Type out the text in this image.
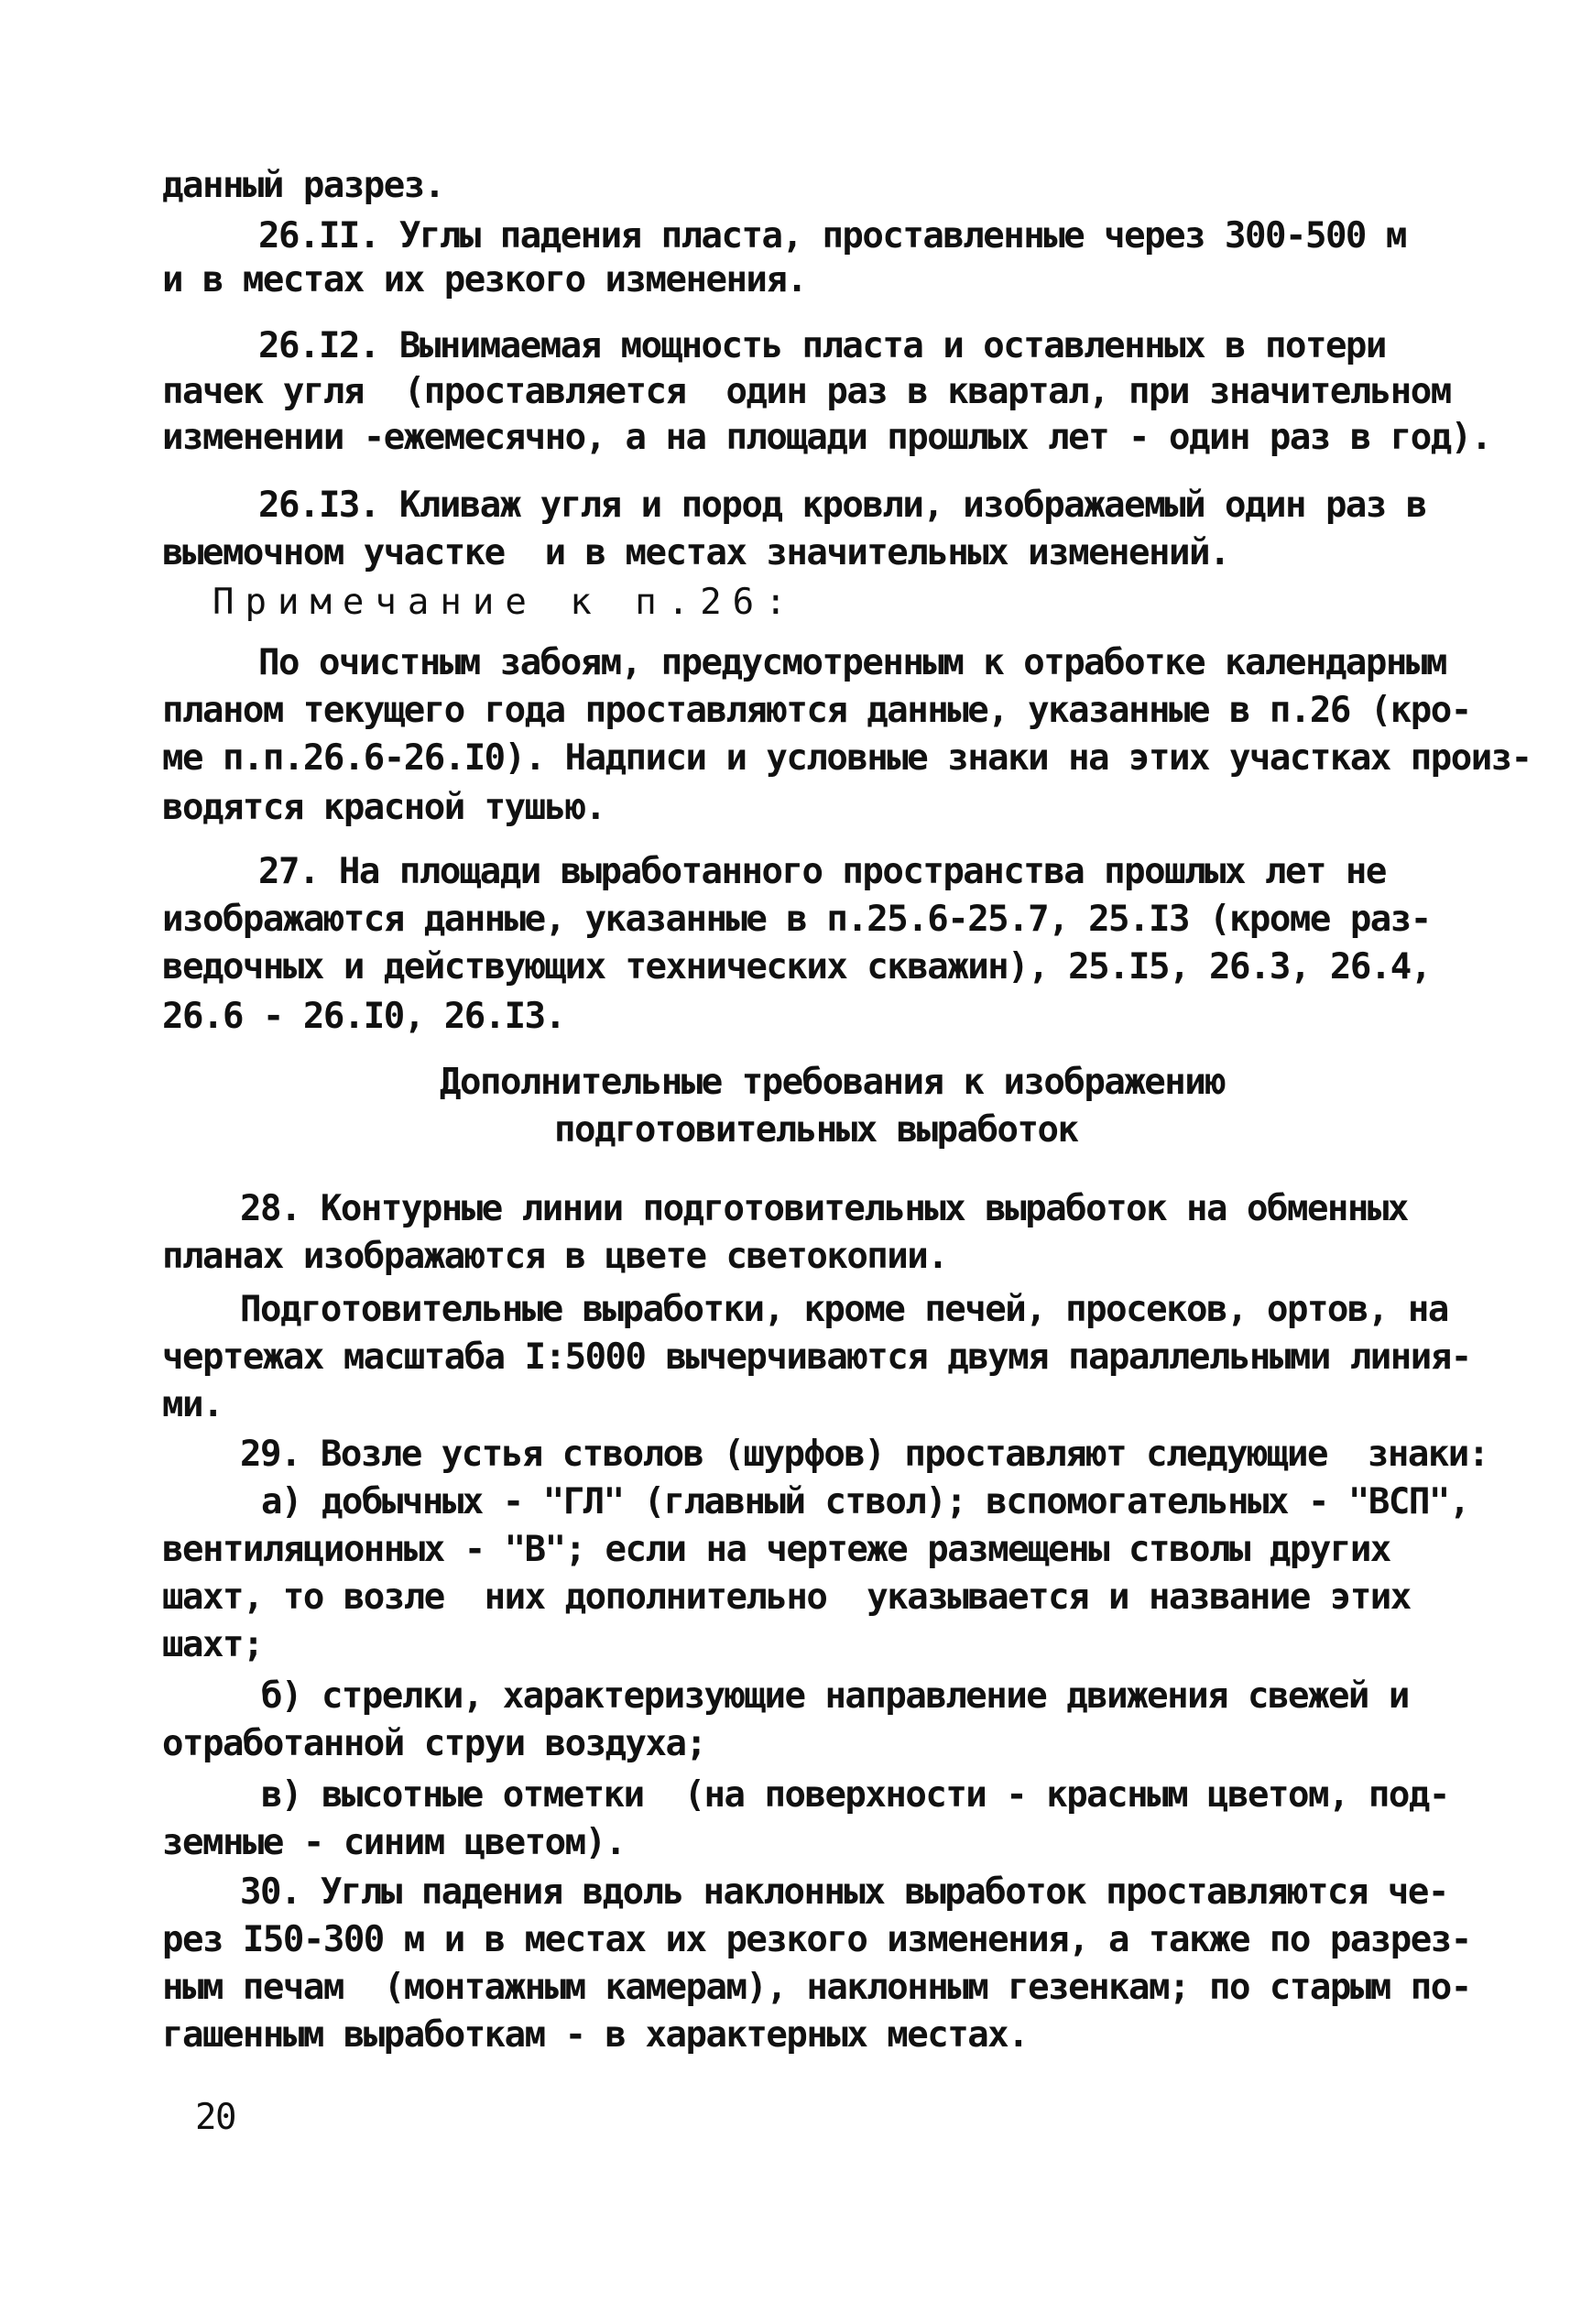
данный разрез.
26.II. Углы падения пласта, проставленные через 300-500 м
и в местах их резкого изменения.
26.I2. Вынимаемая мощность пласта и оставленных в потери
пачек угля  (проставляется  один раз в квартал, при значительном
изменении -ежемесячно, а на площади прошлых лет - один раз в год).
26.I3. Кливаж угля и пород кровли, изображаемый один раз в
выемочном участке  и в местах значительных изменений.
Примечание к п.26:
По очистным забоям, предусмотренным к отработке календарным
планом текущего года проставляются данные, указанные в п.26 (кро-
ме п.п.26.6-26.I0). Надписи и условные знаки на этих участках произ-
водятся красной тушью.
27. На площади выработанного пространства прошлых лет не
изображаются данные, указанные в п.25.6-25.7, 25.I3 (кроме раз-
ведочных и действующих технических скважин), 25.I5, 26.3, 26.4,
26.6 - 26.I0, 26.I3.
Дополнительные требования к изображению
подготовительных выработок
28. Контурные линии подготовительных выработок на обменных
планах изображаются в цвете светокопии.
Подготовительные выработки, кроме печей, просеков, ортов, на
чертежах масштаба I:5000 вычерчиваются двумя параллельными линия-
ми.
29. Возле устья стволов (шурфов) проставляют следующие  знаки:
а) добычных - "ГЛ" (главный ствол); вспомогательных - "ВСП",
вентиляционных - "В"; если на чертеже размещены стволы других
шахт, то возле  них дополнительно  указывается и название этих
шахт;
б) стрелки, характеризующие направление движения свежей и
отработанной струи воздуха;
в) высотные отметки  (на поверхности - красным цветом, под-
земные - синим цветом).
30. Углы падения вдоль наклонных выработок проставляются че-
рез I50-300 м и в местах их резкого изменения, а также по разрез-
ным печам  (монтажным камерам), наклонным гезенкам; по старым по-
гашенным выработкам - в характерных местах.
20
